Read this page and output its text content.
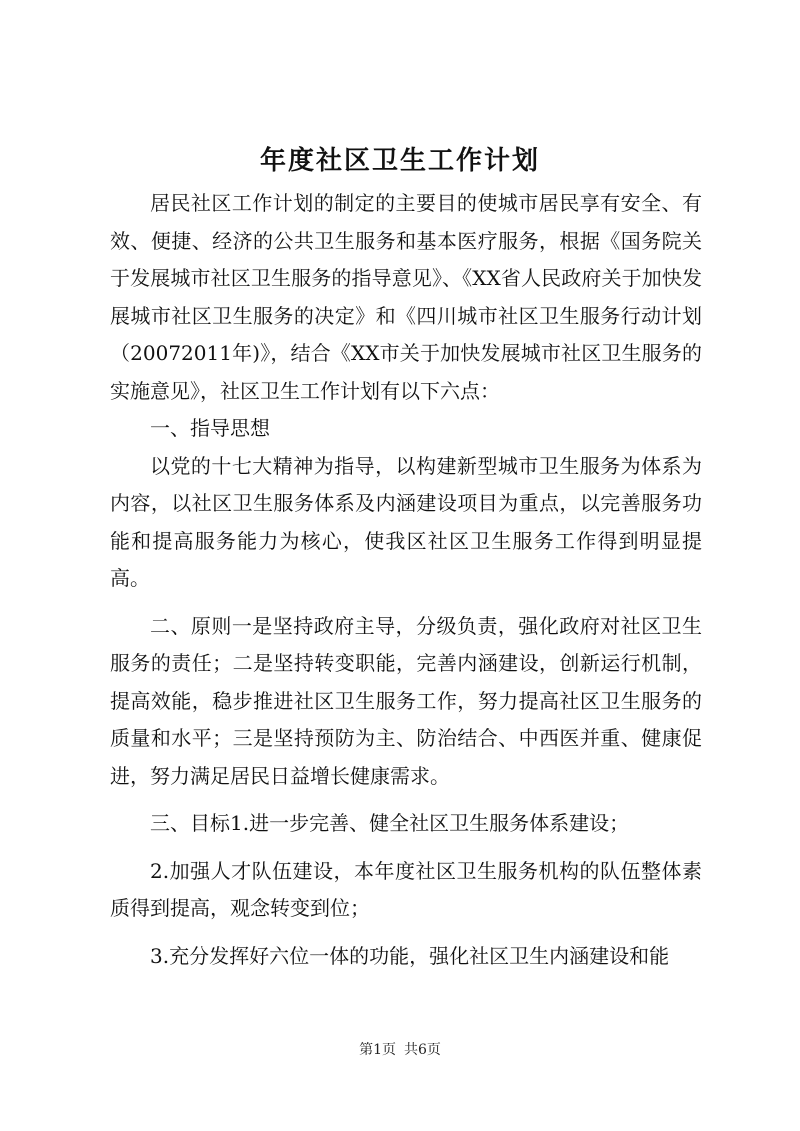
年度社区卫生工作计划

居民社区工作计划的制定的主要目的使城市居民享有安全、有效、便捷、经济的公共卫生服务和基本医疗服务，根据《国务院关于发展城市社区卫生服务的指导意见》、《XX省人民政府关于加快发展城市社区卫生服务的决定》和《四川城市社区卫生服务行动计划（20072011年)》，结合《XX市关于加快发展城市社区卫生服务的实施意见》，社区卫生工作计划有以下六点：

一、指导思想

以党的十七大精神为指导，以构建新型城市卫生服务为体系为内容，以社区卫生服务体系及内涵建设项目为重点，以完善服务功能和提高服务能力为核心，使我区社区卫生服务工作得到明显提高。

二、原则一是坚持政府主导，分级负责，强化政府对社区卫生服务的责任；二是坚持转变职能，完善内涵建设，创新运行机制，提高效能，稳步推进社区卫生服务工作，努力提高社区卫生服务的质量和水平；三是坚持预防为主、防治结合、中西医并重、健康促进，努力满足居民日益增长健康需求。

三、目标1.进一步完善、健全社区卫生服务体系建设；

2.加强人才队伍建设，本年度社区卫生服务机构的队伍整体素质得到提高，观念转变到位；

3.充分发挥好六位一体的功能，强化社区卫生内涵建设和能

第1页 共6页
